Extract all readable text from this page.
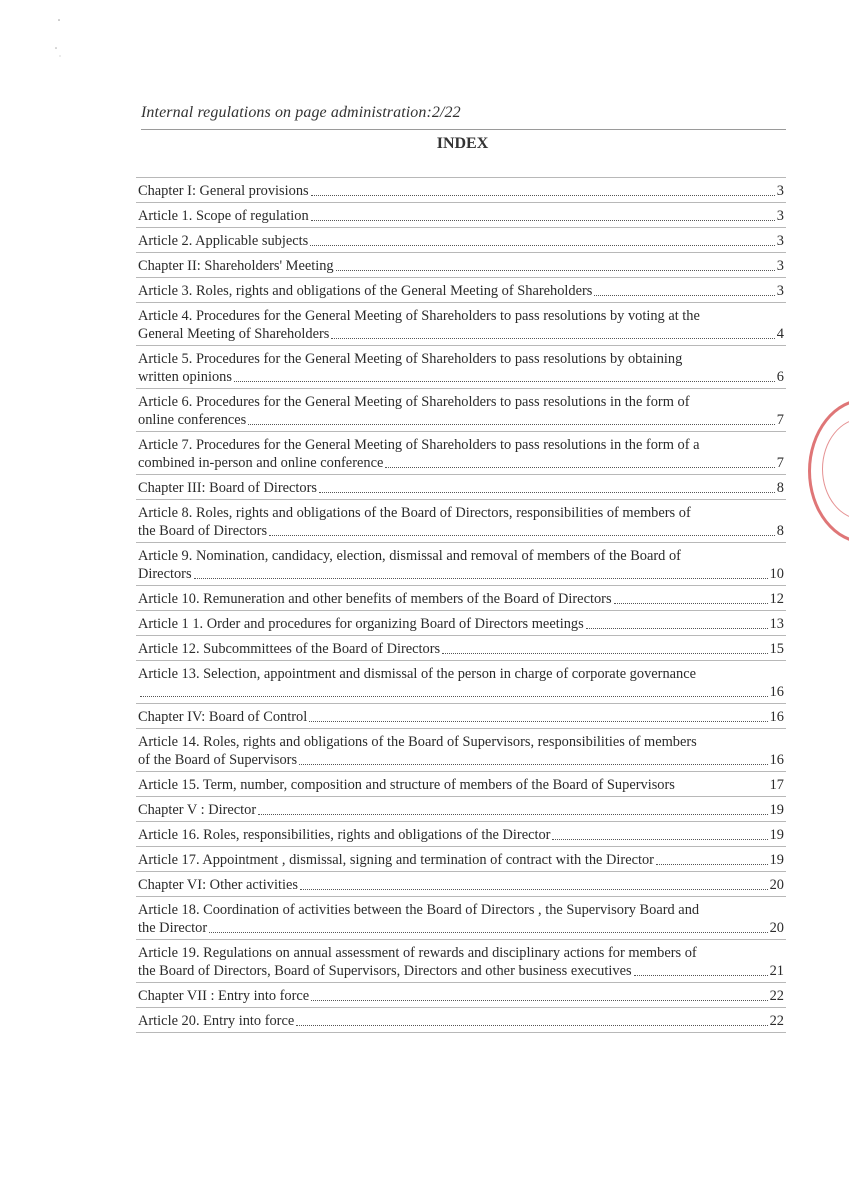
Internal regulations on page administration:2/22
INDEX
Chapter I: General provisions	3
Article 1. Scope of regulation	3
Article 2. Applicable subjects	3
Chapter II: Shareholders' Meeting	3
Article 3. Roles, rights and obligations of the General Meeting of Shareholders	3
Article 4. Procedures for the General Meeting of Shareholders to pass resolutions by voting at the
General Meeting of Shareholders	4
Article 5. Procedures for the General Meeting of Shareholders to pass resolutions by obtaining
written opinions	6
Article 6. Procedures for the General Meeting of Shareholders to pass resolutions in the form of
online conferences	7
Article 7. Procedures for the General Meeting of Shareholders to pass resolutions in the form of a
combined in-person and online conference	7
Chapter III: Board of Directors	8
Article 8. Roles, rights and obligations of the Board of Directors, responsibilities of members of
the Board of Directors	8
Article 9. Nomination, candidacy, election, dismissal and removal of members of the Board of
Directors	10
Article 10. Remuneration and other benefits of members of the Board of Directors	12
Article 1 1. Order and procedures for organizing Board of Directors meetings	13
Article 12. Subcommittees of the Board of Directors	15
Article 13. Selection, appointment and dismissal of the person in charge of corporate governance
16
Chapter IV: Board of Control	16
Article 14. Roles, rights and obligations of the Board of Supervisors, responsibilities of members
of the Board of Supervisors	16
Article 15. Term, number, composition and structure of members of the Board of Supervisors	17
Chapter V : Director	19
Article 16. Roles, responsibilities, rights and obligations of the Director	19
Article 17. Appointment , dismissal, signing and termination of contract with the Director	19
Chapter VI: Other activities	20
Article 18. Coordination of activities between the Board of Directors , the Supervisory Board and
the Director	20
Article 19. Regulations on annual assessment of rewards and disciplinary actions for members of
the Board of Directors, Board of Supervisors, Directors and other business executives	21
Chapter VII : Entry into force	22
Article 20. Entry into force	22
